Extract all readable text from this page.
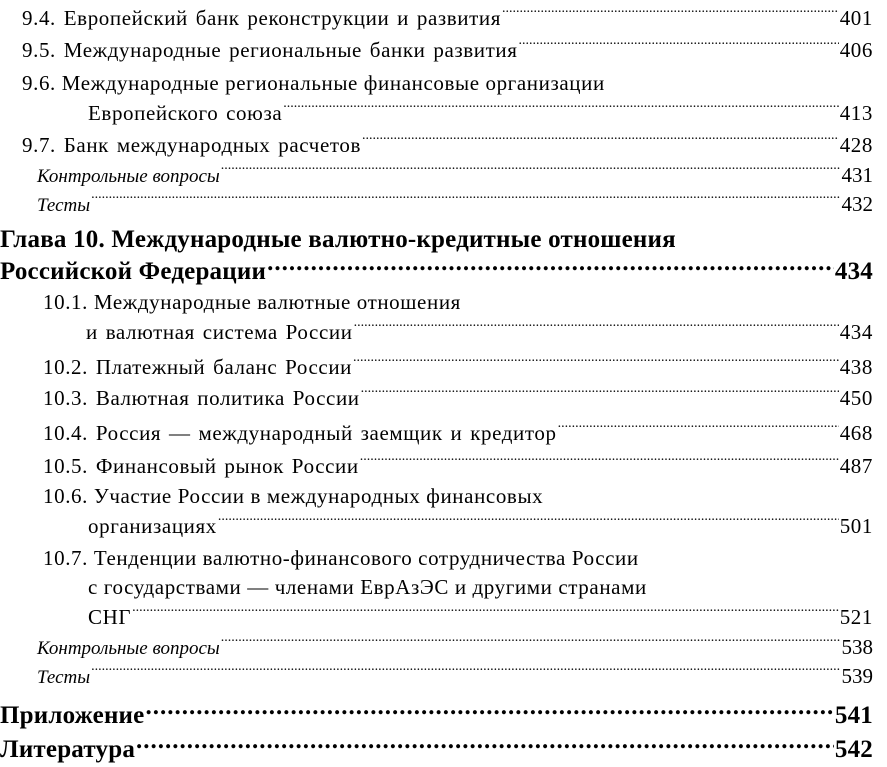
9.4. Европейский банк реконструкции и развития .....	401
9.5. Международные региональные банки развития .....	406
9.6. Международные региональные финансовые организации
Европейского союза .....	413
9.7. Банк международных расчетов .....	428
Контрольные вопросы .....	431
Тесты .....	432
Глава 10. Международные валютно-кредитные отношения
Российской Федерации .....	434
10.1. Международные валютные отношения
и валютная система России .....	434
10.2. Платежный баланс России .....	438
10.3. Валютная политика России .....	450
10.4. Россия — международный заемщик и кредитор .....	468
10.5. Финансовый рынок России .....	487
10.6. Участие России в международных финансовых
организациях .....	501
10.7. Тенденции валютно-финансового сотрудничества России
с государствами — членами ЕврАзЭС и другими странами
СНГ .....	521
Контрольные вопросы .....	538
Тесты .....	539
Приложение .....	541
Литература .....	542
